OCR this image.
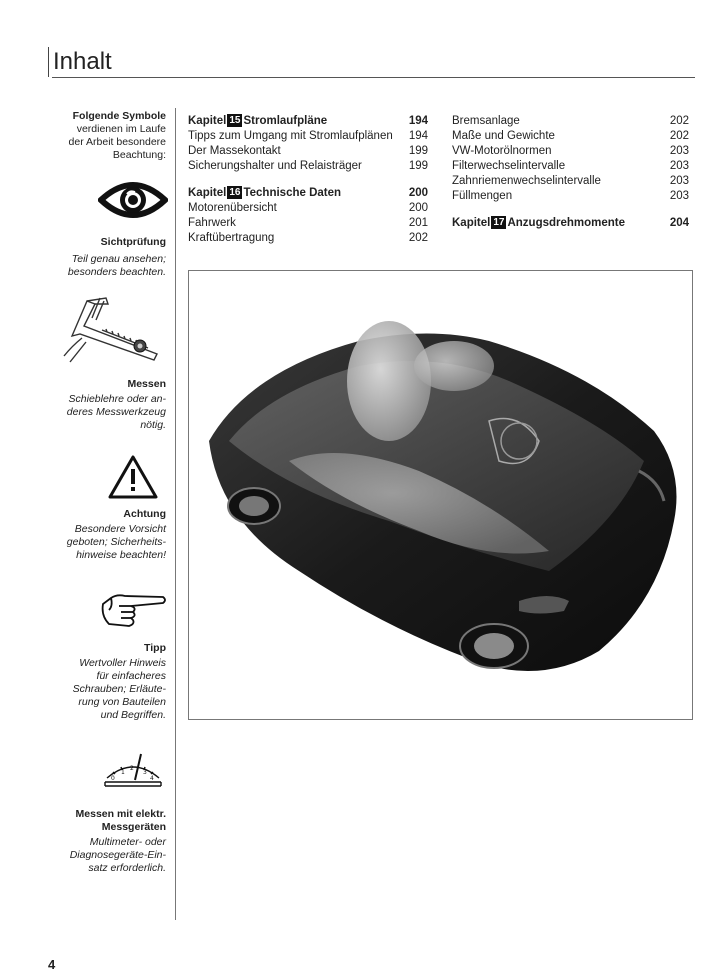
Inhalt
Folgende Symbole
verdienen im Laufe
der Arbeit besondere
Beachtung:
Sichtprüfung
Teil genau ansehen;
besonders beachten.
Messen
Schieblehre oder an-
deres Messwerkzeug
nötig.
Achtung
Besondere Vorsicht
geboten; Sicherheits-
hinweise beachten!
Tipp
Wertvoller Hinweis
für einfacheres
Schrauben; Erläute-
rung von Bauteilen
und Begriffen.
0
1
2
3
4
Messen mit elektr.
Messgeräten
Multimeter- oder
Diagnosegeräte-Ein-
satz erforderlich.
Kapitel 15 Stromlaufpläne	194
Tipps zum Umgang mit Stromlaufplänen 194
Der Massekontakt	199
Sicherungshalter und Relaisträger	199
Kapitel 16 Technische Daten	200
Motorenübersicht	200
Fahrwerk	201
Kraftübertragung	202
Bremsanlage	202
Maße und Gewichte	202
VW-Motorölnormen	203
Filterwechselintervalle	203
Zahnriemenwechselintervalle	203
Füllmengen	203
Kapitel 17 Anzugsdrehmomente	204
4
